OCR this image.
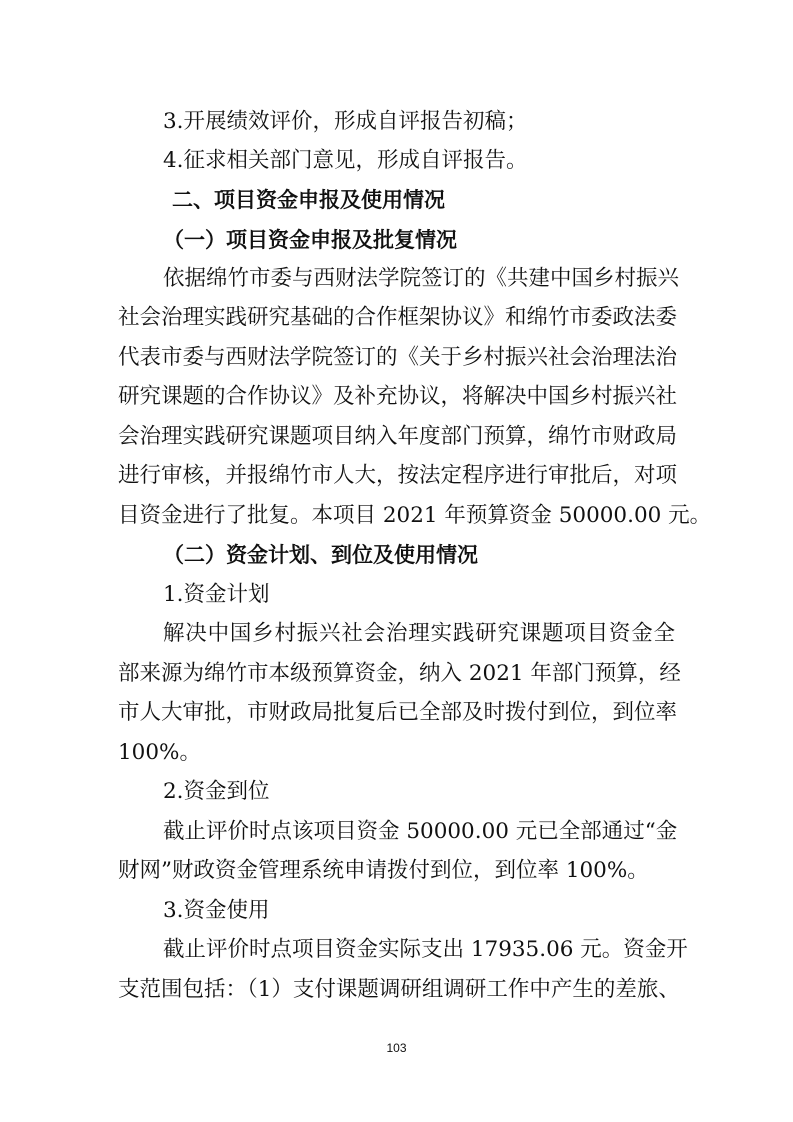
3.开展绩效评价，形成自评报告初稿；
4.征求相关部门意见，形成自评报告。
二、项目资金申报及使用情况
（一）项目资金申报及批复情况
依据绵竹市委与西财法学院签订的《共建中国乡村振兴
社会治理实践研究基础的合作框架协议》和绵竹市委政法委
代表市委与西财法学院签订的《关于乡村振兴社会治理法治
研究课题的合作协议》及补充协议，将解决中国乡村振兴社
会治理实践研究课题项目纳入年度部门预算，绵竹市财政局
进行审核，并报绵竹市人大，按法定程序进行审批后，对项
目资金进行了批复。本项目 2021 年预算资金 50000.00 元。
（二）资金计划、到位及使用情况
1.资金计划
解决中国乡村振兴社会治理实践研究课题项目资金全
部来源为绵竹市本级预算资金，纳入 2021 年部门预算，经
市人大审批，市财政局批复后已全部及时拨付到位，到位率
100%。
2.资金到位
截止评价时点该项目资金 50000.00 元已全部通过“金
财网”财政资金管理系统申请拨付到位，到位率 100%。
3.资金使用
截止评价时点项目资金实际支出 17935.06 元。资金开
支范围包括：（1）支付课题调研组调研工作中产生的差旅、
103
